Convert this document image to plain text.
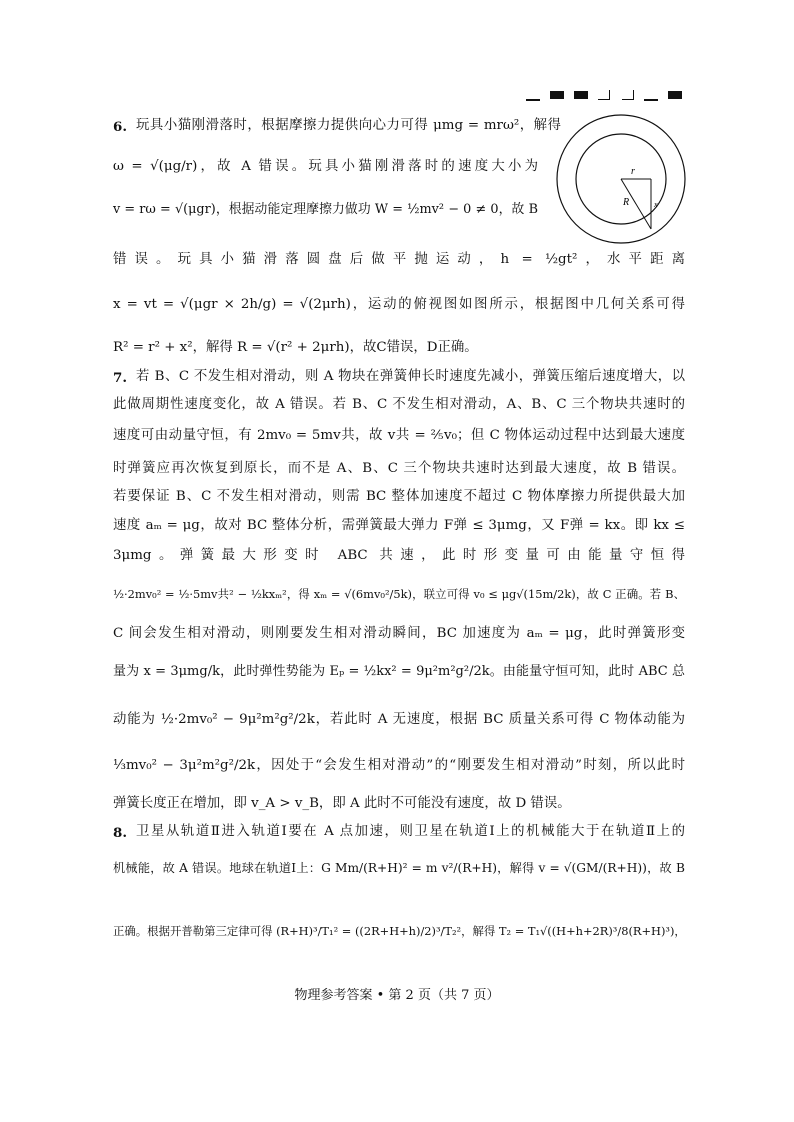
r
R	x
6. 玩具小猫刚滑落时，根据摩擦力提供向心力可得 μmg = mrω²，解得
ω = √(μg/r)，故 A 错误。玩具小猫刚滑落时的速度大小为
v = rω = √(μgr)，根据动能定理摩擦力做功 W = ½mv² − 0 ≠ 0，故 B
错误。玩具小猫滑落圆盘后做平抛运动，h = ½gt²，水平距离
x = vt = √(μgr × 2h/g) = √(2μrh)，运动的俯视图如图所示，根据图中几何关系可得
R² = r² + x²，解得 R = √(r² + 2μrh)，故C错误，D正确。
7. 若 B、C 不发生相对滑动，则 A 物块在弹簧伸长时速度先减小，弹簧压缩后速度增大，以
此做周期性速度变化，故 A 错误。若 B、C 不发生相对滑动，A、B、C 三个物块共速时的
速度可由动量守恒，有 2mv₀ = 5mv共，故 v共 = ⅖v₀；但 C 物体运动过程中达到最大速度
时弹簧应再次恢复到原长，而不是 A、B、C 三个物块共速时达到最大速度，故 B 错误。
若要保证 B、C 不发生相对滑动，则需 BC 整体加速度不超过 C 物体摩擦力所提供最大加
速度 aₘ = μg，故对 BC 整体分析，需弹簧最大弹力 F弹 ≤ 3μmg，又 F弹 = kx。即 kx ≤
3μmg。弹簧最大形变时 ABC 共速，此时形变量可由能量守恒得
½·2mv₀² = ½·5mv共² − ½kxₘ²，得 xₘ = √(6mv₀²/5k)，联立可得 v₀ ≤ μg√(15m/2k)，故 C 正确。若 B、
C 间会发生相对滑动，则刚要发生相对滑动瞬间，BC 加速度为 aₘ = μg，此时弹簧形变
量为 x = 3μmg/k，此时弹性势能为 Eₚ = ½kx² = 9μ²m²g²/2k。由能量守恒可知，此时 ABC 总
动能为 ½·2mv₀² − 9μ²m²g²/2k，若此时 A 无速度，根据 BC 质量关系可得 C 物体动能为
⅓mv₀² − 3μ²m²g²/2k，因处于“会发生相对滑动”的“刚要发生相对滑动”时刻，所以此时
弹簧长度正在增加，即 v_A > v_B，即 A 此时不可能没有速度，故 D 错误。
8. 卫星从轨道Ⅱ进入轨道Ⅰ要在 A 点加速，则卫星在轨道Ⅰ上的机械能大于在轨道Ⅱ上的
机械能，故 A 错误。地球在轨道Ⅰ上：G Mm/(R+H)² = m v²/(R+H)，解得 v = √(GM/(R+H))，故 B
正确。根据开普勒第三定律可得 (R+H)³/T₁² = ((2R+H+h)/2)³/T₂²，解得 T₂ = T₁√((H+h+2R)³/8(R+H)³)，
物理参考答案 • 第 2 页（共 7 页）
